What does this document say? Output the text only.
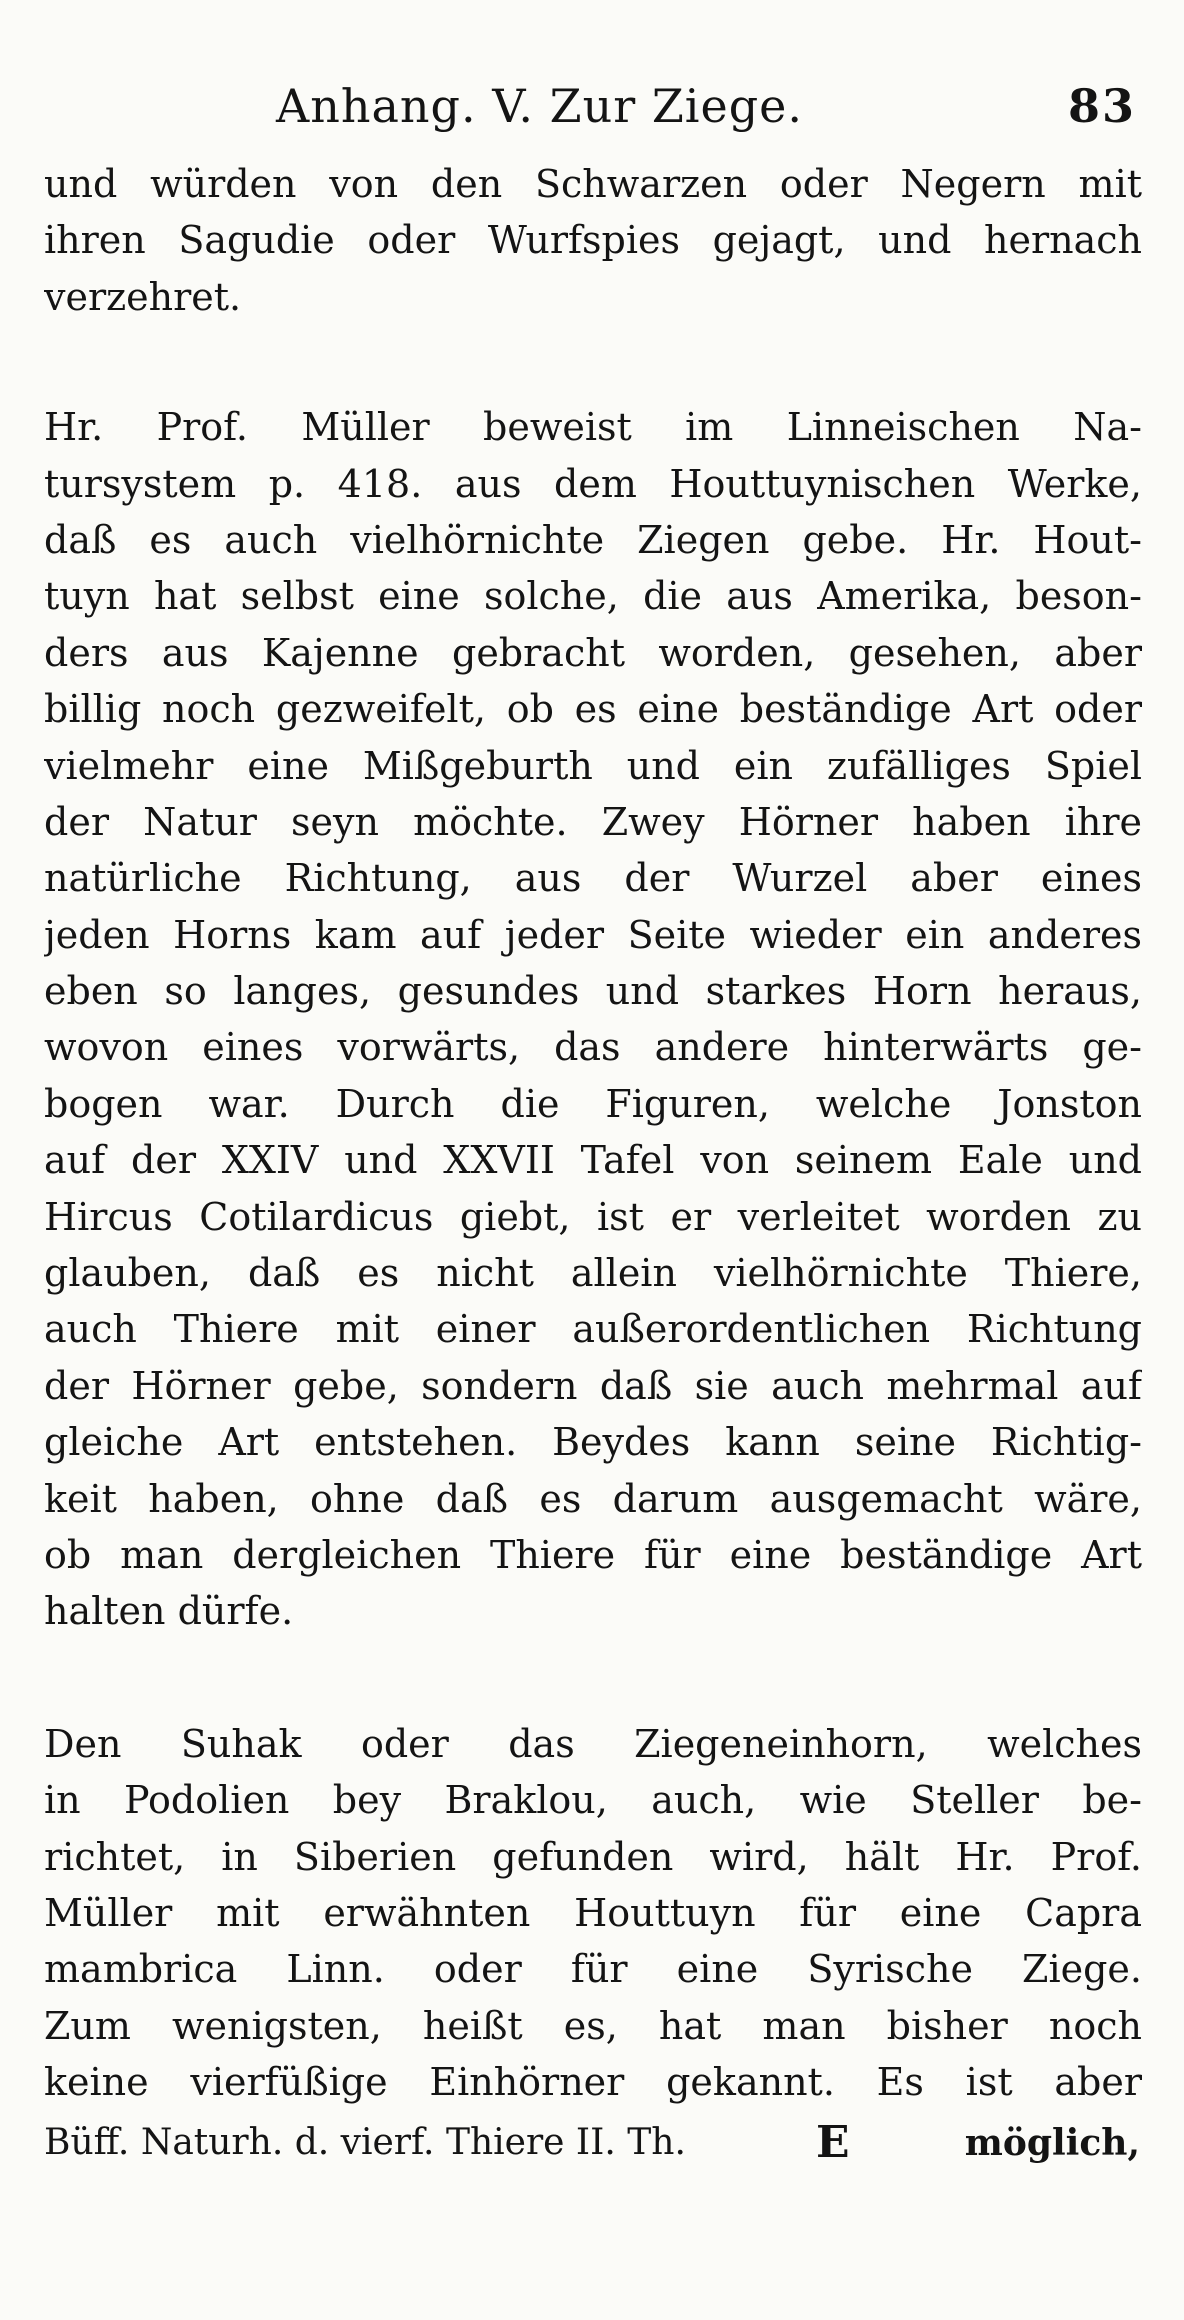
Anhang. V. Zur Ziege.	83
und würden von den Schwarzen oder Negern mit
ihren Sagudie oder Wurfspies gejagt, und hernach
verzehret.
Hr. Prof. Müller beweist im Linneischen Na-
tursystem p. 418. aus dem Houttuynischen Werke,
daß es auch vielhörnichte Ziegen gebe. Hr. Hout-
tuyn hat selbst eine solche, die aus Amerika, beson-
ders aus Kajenne gebracht worden, gesehen, aber
billig noch gezweifelt, ob es eine beständige Art oder
vielmehr eine Mißgeburth und ein zufälliges Spiel
der Natur seyn möchte. Zwey Hörner haben ihre
natürliche Richtung, aus der Wurzel aber eines
jeden Horns kam auf jeder Seite wieder ein anderes
eben so langes, gesundes und starkes Horn heraus,
wovon eines vorwärts, das andere hinterwärts ge-
bogen war. Durch die Figuren, welche Jonston
auf der XXIV und XXVII Tafel von seinem Eale und
Hircus Cotilardicus giebt, ist er verleitet worden zu
glauben, daß es nicht allein vielhörnichte Thiere,
auch Thiere mit einer außerordentlichen Richtung
der Hörner gebe, sondern daß sie auch mehrmal auf
gleiche Art entstehen. Beydes kann seine Richtig-
keit haben, ohne daß es darum ausgemacht wäre,
ob man dergleichen Thiere für eine beständige Art
halten dürfe.
Den Suhak oder das Ziegeneinhorn, welches
in Podolien bey Braklou, auch, wie Steller be-
richtet, in Siberien gefunden wird, hält Hr. Prof.
Müller mit erwähnten Houttuyn für eine Capra
mambrica Linn. oder für eine Syrische Ziege.
Zum wenigsten, heißt es, hat man bisher noch
keine vierfüßige Einhörner gekannt. Es ist aber
Büff. Naturh. d. vierf. Thiere II. Th.	E	möglich,
